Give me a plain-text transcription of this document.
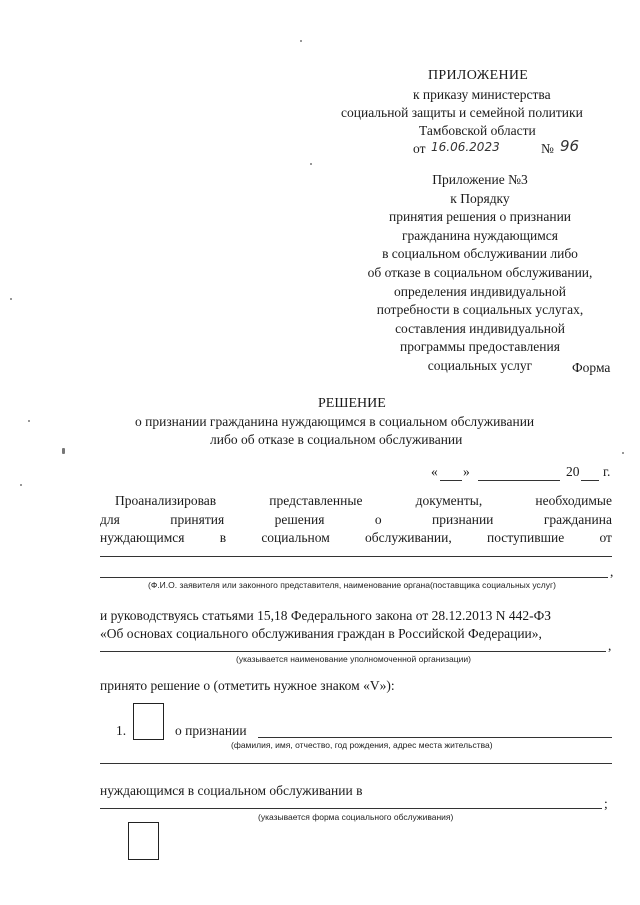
ПРИЛОЖЕНИЕ
к приказу министерства
социальной защиты и семейной политики
Тамбовской области
от 16.06.2023	№ 96
Приложение №3
к Порядку
принятия решения о признании
гражданина нуждающимся
в социальном обслуживании либо
об отказе в социальном обслуживании,
определения индивидуальной
потребности в социальных услугах,
составления индивидуальной
программы предоставления
социальных услуг	Форма
РЕШЕНИЕ
о признании гражданина нуждающимся в социальном обслуживании
либо об отказе в социальном обслуживании
« »	20 г.
Проанализировав	представленные	документы,	необходимые
для	принятия	решения	о	признании	гражданина
нуждающимся	в	социальном	обслуживании,	поступившие	от
,
(Ф.И.О. заявителя или законного представителя, наименование органа(поставщика социальных услуг)
и руководствуясь статьями 15,18 Федерального закона от 28.12.2013 N 442-ФЗ
«Об основах социального обслуживания граждан в Российской Федерации»,
,
(указывается наименование уполномоченной организации)
принято решение о (отметить нужное знаком «V»):
1.	о признании
(фамилия, имя, отчество, год рождения, адрес места жительства)
нуждающимся в социальном обслуживании в
;
(указывается форма социального обслуживания)
